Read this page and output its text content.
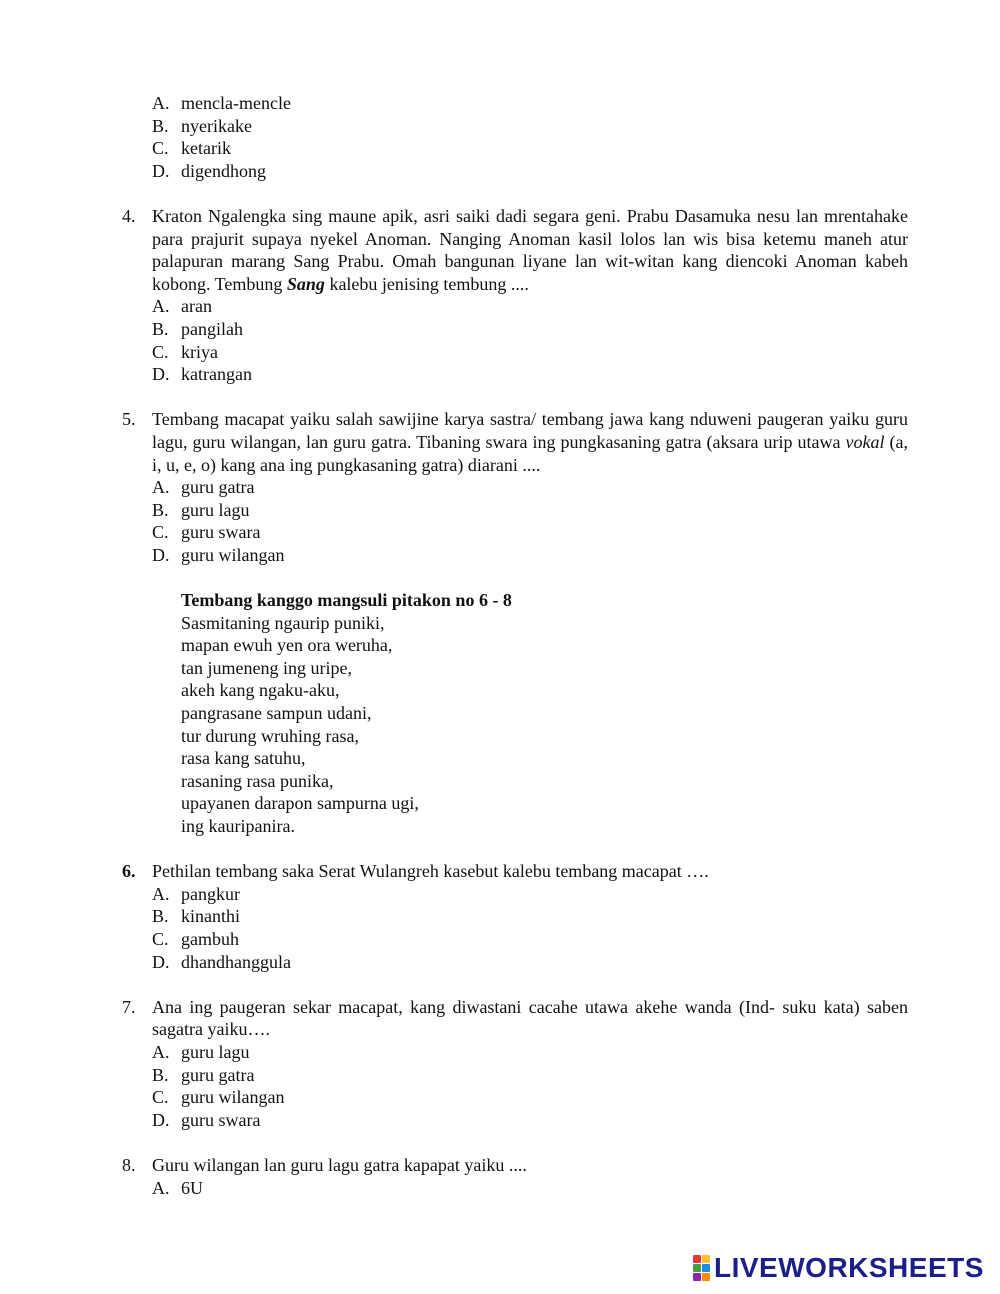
A. mencla-mencle
B. nyerikake
C. ketarik
D. digendhong
4. Kraton Ngalengka sing maune apik, asri saiki dadi segara geni. Prabu Dasamuka nesu lan mrentahake para prajurit supaya nyekel Anoman. Nanging Anoman kasil lolos lan wis bisa ketemu maneh atur palapuran marang Sang Prabu. Omah bangunan liyane lan wit-witan kang diencoki Anoman kabeh kobong. Tembung Sang kalebu jenising tembung ....
A. aran
B. pangilah
C. kriya
D. katrangan
5. Tembang macapat yaiku salah sawijine karya sastra/ tembang jawa kang nduweni paugeran yaiku guru lagu, guru wilangan, lan guru gatra. Tibaning swara ing pungkasaning gatra (aksara urip utawa vokal (a, i, u, e, o) kang ana ing pungkasaning gatra) diarani ....
A. guru gatra
B. guru lagu
C. guru swara
D. guru wilangan
Tembang kanggo mangsuli pitakon no 6 - 8
Sasmitaning ngaurip puniki,
mapan ewuh yen ora weruha,
tan jumeneng ing uripe,
akeh kang ngaku-aku,
pangrasane sampun udani,
tur durung wruhing rasa,
rasa kang satuhu,
rasaning rasa punika,
upayanen darapon sampurna ugi,
ing kauripanira.
6. Pethilan tembang saka Serat Wulangreh kasebut kalebu tembang macapat ….
A. pangkur
B. kinanthi
C. gambuh
D. dhandhanggula
7. Ana ing paugeran sekar macapat, kang diwastani cacahe utawa akehe wanda (Ind- suku kata) saben sagatra yaiku….
A. guru lagu
B. guru gatra
C. guru wilangan
D. guru swara
8. Guru wilangan lan guru lagu gatra kapapat yaiku ....
A. 6U
LIVEWORKSHEETS
